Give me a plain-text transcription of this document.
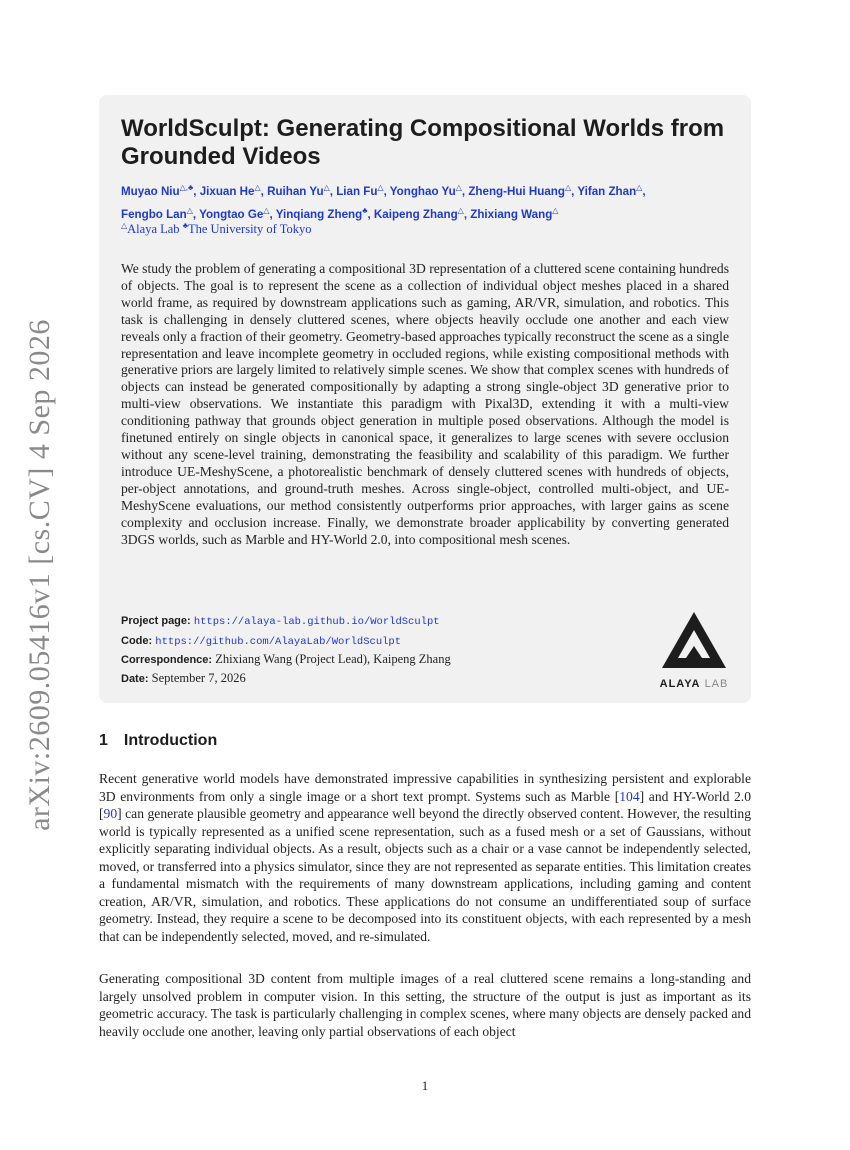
arXiv:2609.05416v1 [cs.CV] 4 Sep 2026
WorldSculpt: Generating Compositional Worlds from Grounded Videos
Muyao Niu△,♣, Jixuan He△, Ruihan Yu△, Lian Fu△, Yonghao Yu△, Zheng-Hui Huang△, Yifan Zhan△,
Fengbo Lan△, Yongtao Ge△, Yinqiang Zheng♣, Kaipeng Zhang△, Zhixiang Wang△
△Alaya Lab ♣The University of Tokyo

We study the problem of generating a compositional 3D representation of a cluttered scene containing hundreds of objects. The goal is to represent the scene as a collection of individual object meshes placed in a shared world frame, as required by downstream applications such as gaming, AR/VR, simulation, and robotics. This task is challenging in densely cluttered scenes, where objects heavily occlude one another and each view reveals only a fraction of their geometry. Geometry-based approaches typically reconstruct the scene as a single representation and leave incomplete geometry in occluded regions, while existing compositional methods with generative priors are largely limited to relatively simple scenes. We show that complex scenes with hundreds of objects can instead be generated compositionally by adapting a strong single-object 3D generative prior to multi-view observations. We instantiate this paradigm with Pixal3D, extending it with a multi-view conditioning pathway that grounds object generation in multiple posed observations. Although the model is finetuned entirely on single objects in canonical space, it generalizes to large scenes with severe occlusion without any scene-level training, demonstrating the feasibility and scalability of this paradigm. We further introduce UE-MeshyScene, a photorealistic benchmark of densely cluttered scenes with hundreds of objects, per-object annotations, and ground-truth meshes. Across single-object, controlled multi-object, and UE-MeshyScene evaluations, our method consistently outperforms prior approaches, with larger gains as scene complexity and occlusion increase. Finally, we demonstrate broader applicability by converting generated 3DGS worlds, such as Marble and HY-World 2.0, into compositional mesh scenes.

Project page: https://alaya-lab.github.io/WorldSculpt
Code: https://github.com/AlayaLab/WorldSculpt
Correspondence: Zhixiang Wang (Project Lead), Kaipeng Zhang
Date: September 7, 2026	ALAYA LAB
1 Introduction

Recent generative world models have demonstrated impressive capabilities in synthesizing persistent and explorable 3D environments from only a single image or a short text prompt. Systems such as Marble [104] and HY-World 2.0 [90] can generate plausible geometry and appearance well beyond the directly observed content. However, the resulting world is typically represented as a unified scene representation, such as a fused mesh or a set of Gaussians, without explicitly separating individual objects. As a result, objects such as a chair or a vase cannot be independently selected, moved, or transferred into a physics simulator, since they are not represented as separate entities. This limitation creates a fundamental mismatch with the requirements of many downstream applications, including gaming and content creation, AR/VR, simulation, and robotics. These applications do not consume an undifferentiated soup of surface geometry. Instead, they require a scene to be decomposed into its constituent objects, with each represented by a mesh that can be independently selected, moved, and re-simulated.

Generating compositional 3D content from multiple images of a real cluttered scene remains a long-standing and largely unsolved problem in computer vision. In this setting, the structure of the output is just as important as its geometric accuracy. The task is particularly challenging in complex scenes, where many objects are densely packed and heavily occlude one another, leaving only partial observations of each object

1
